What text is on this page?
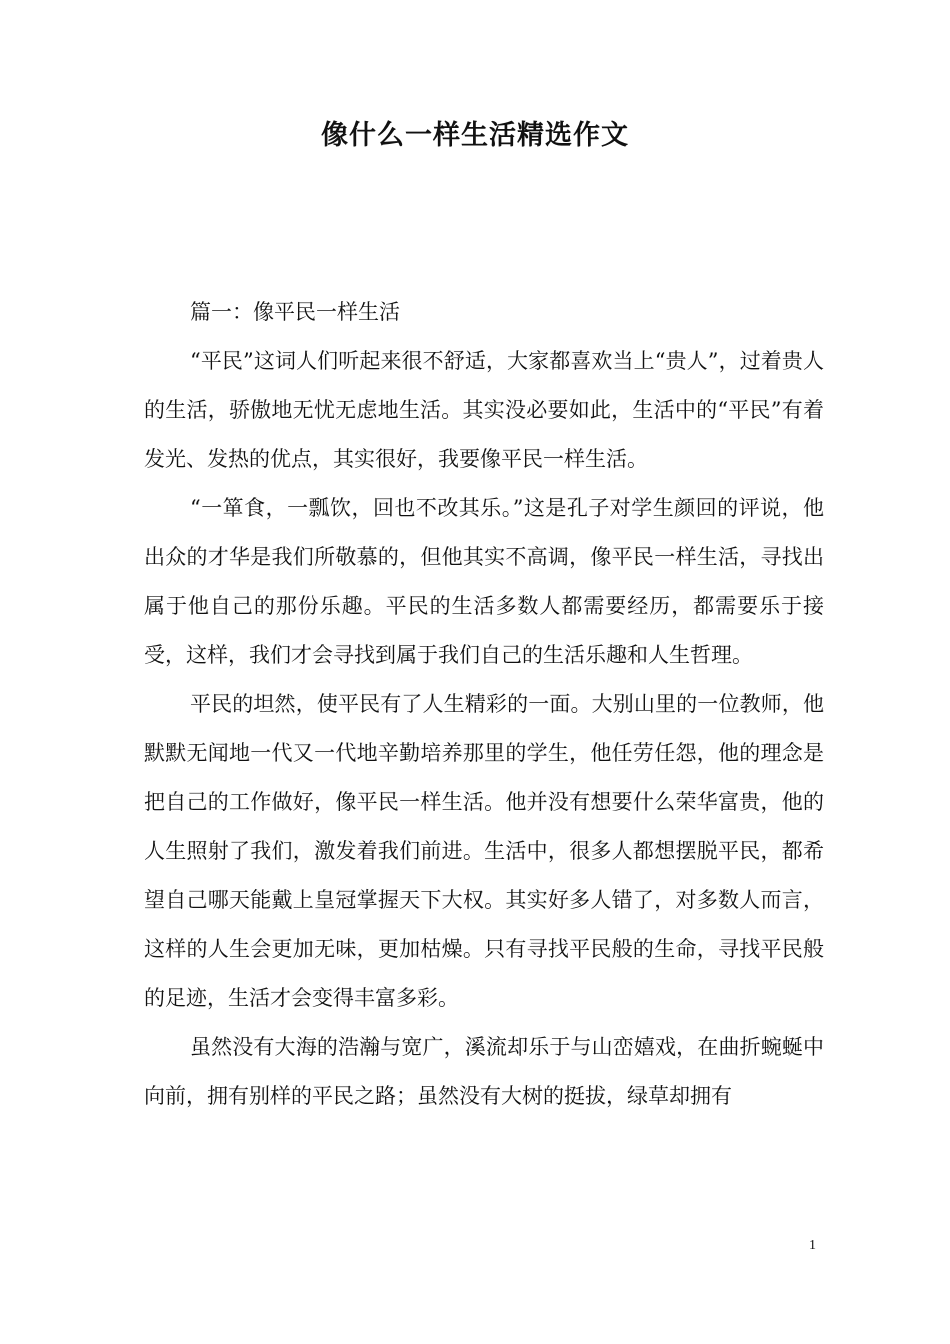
像什么一样生活精选作文
篇一：像平民一样生活

“平民”这词人们听起来很不舒适，大家都喜欢当上“贵人”，过着贵人的生活，骄傲地无忧无虑地生活。其实没必要如此，生活中的“平民”有着发光、发热的优点，其实很好，我要像平民一样生活。

“一箪食，一瓢饮，回也不改其乐。”这是孔子对学生颜回的评说，他出众的才华是我们所敬慕的，但他其实不高调，像平民一样生活，寻找出属于他自己的那份乐趣。平民的生活多数人都需要经历，都需要乐于接受，这样，我们才会寻找到属于我们自己的生活乐趣和人生哲理。

平民的坦然，使平民有了人生精彩的一面。大别山里的一位教师，他默默无闻地一代又一代地辛勤培养那里的学生，他任劳任怨，他的理念是把自己的工作做好，像平民一样生活。他并没有想要什么荣华富贵，他的人生照射了我们，激发着我们前进。生活中，很多人都想摆脱平民，都希望自己哪天能戴上皇冠掌握天下大权。其实好多人错了，对多数人而言，这样的人生会更加无味，更加枯燥。只有寻找平民般的生命，寻找平民般的足迹，生活才会变得丰富多彩。

虽然没有大海的浩瀚与宽广，溪流却乐于与山峦嬉戏，在曲折蜿蜒中向前，拥有别样的平民之路；虽然没有大树的挺拔，绿草却拥有

1
